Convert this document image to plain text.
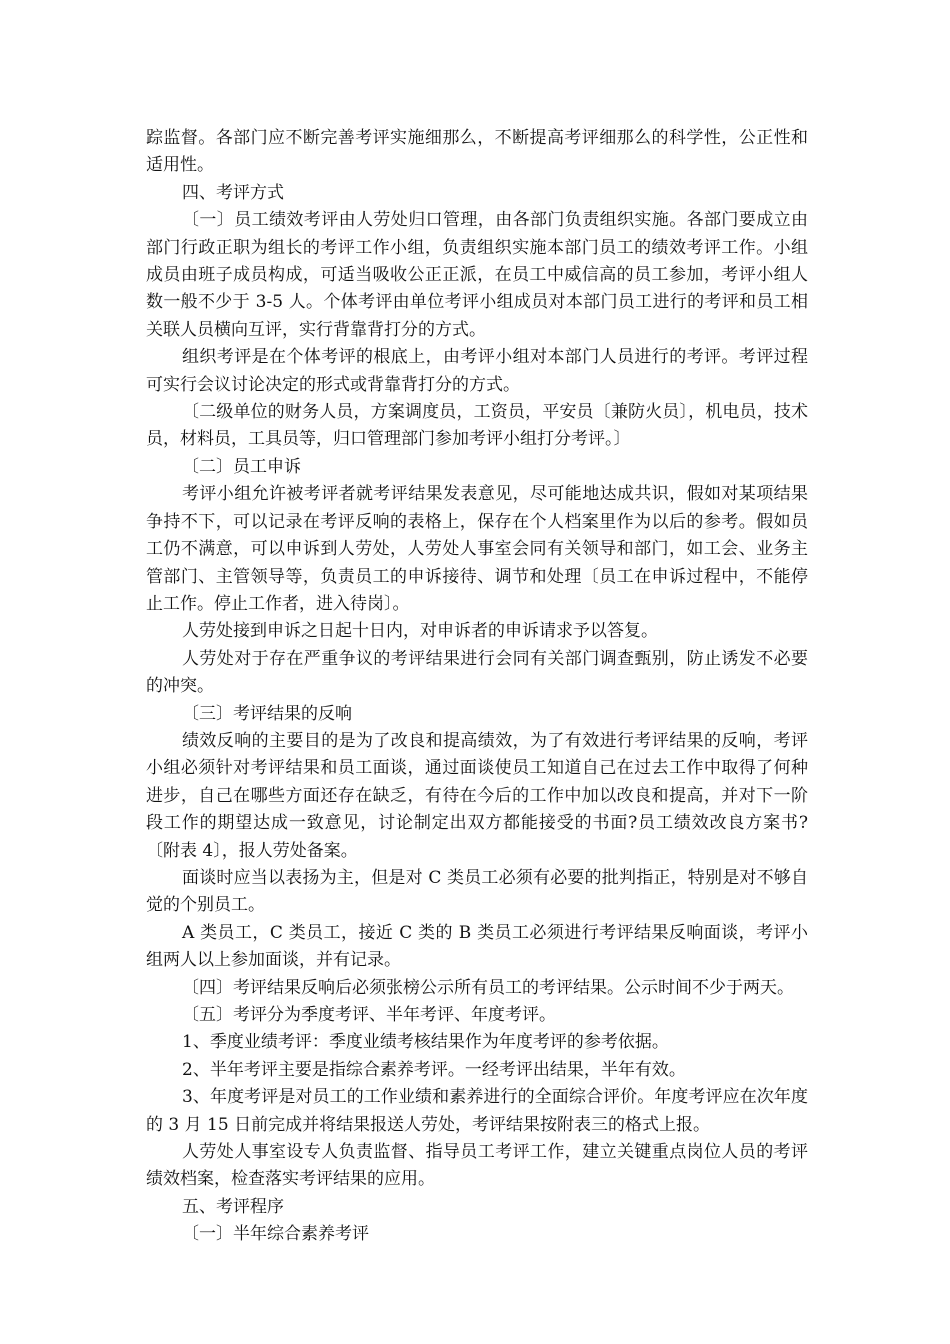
踪监督。各部门应不断完善考评实施细那么，不断提高考评细那么的科学性，公正性和适用性。

四、考评方式

〔一〕员工绩效考评由人劳处归口管理，由各部门负责组织实施。各部门要成立由部门行政正职为组长的考评工作小组，负责组织实施本部门员工的绩效考评工作。小组成员由班子成员构成，可适当吸收公正正派，在员工中威信高的员工参加，考评小组人数一般不少于 3-5 人。个体考评由单位考评小组成员对本部门员工进行的考评和员工相关联人员横向互评，实行背靠背打分的方式。

组织考评是在个体考评的根底上，由考评小组对本部门人员进行的考评。考评过程可实行会议讨论决定的形式或背靠背打分的方式。

〔二级单位的财务人员，方案调度员，工资员，平安员〔兼防火员〕，机电员，技术员，材料员，工具员等，归口管理部门参加考评小组打分考评。〕

〔二〕员工申诉

考评小组允许被考评者就考评结果发表意见，尽可能地达成共识，假如对某项结果争持不下，可以记录在考评反响的表格上，保存在个人档案里作为以后的参考。假如员工仍不满意，可以申诉到人劳处，人劳处人事室会同有关领导和部门，如工会、业务主管部门、主管领导等，负责员工的申诉接待、调节和处理〔员工在申诉过程中，不能停止工作。停止工作者，进入待岗〕。

人劳处接到申诉之日起十日内，对申诉者的申诉请求予以答复。

人劳处对于存在严重争议的考评结果进行会同有关部门调查甄别，防止诱发不必要的冲突。

〔三〕考评结果的反响

绩效反响的主要目的是为了改良和提高绩效，为了有效进行考评结果的反响，考评小组必须针对考评结果和员工面谈，通过面谈使员工知道自己在过去工作中取得了何种进步，自己在哪些方面还存在缺乏，有待在今后的工作中加以改良和提高，并对下一阶段工作的期望达成一致意见，讨论制定出双方都能接受的书面?员工绩效改良方案书?〔附表 4〕，报人劳处备案。

面谈时应当以表扬为主，但是对 C 类员工必须有必要的批判指正，特别是对不够自觉的个别员工。

A 类员工，C 类员工，接近 C 类的 B 类员工必须进行考评结果反响面谈，考评小组两人以上参加面谈，并有记录。

〔四〕考评结果反响后必须张榜公示所有员工的考评结果。公示时间不少于两天。

〔五〕考评分为季度考评、半年考评、年度考评。

1、季度业绩考评：季度业绩考核结果作为年度考评的参考依据。

2、半年考评主要是指综合素养考评。一经考评出结果，半年有效。

3、年度考评是对员工的工作业绩和素养进行的全面综合评价。年度考评应在次年度的 3 月 15 日前完成并将结果报送人劳处，考评结果按附表三的格式上报。

人劳处人事室设专人负责监督、指导员工考评工作，建立关键重点岗位人员的考评绩效档案，检查落实考评结果的应用。

五、考评程序

〔一〕半年综合素养考评
